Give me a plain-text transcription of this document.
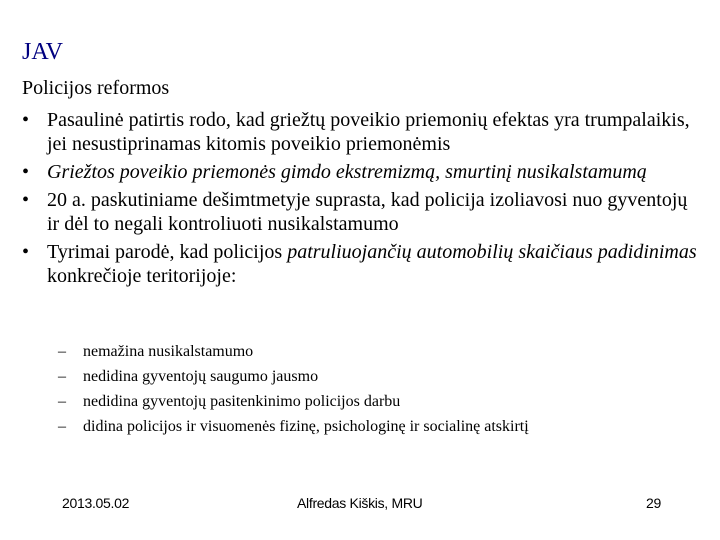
JAV
Policijos reformos
• Pasaulinė patirtis rodo, kad griežtų poveikio priemonių efektas yra trumpalaikis, jei nesustiprinamas kitomis poveikio priemonėmis
• Griežtos poveikio priemonės gimdo ekstremizmą, smurtinį nusikalstamumą
• 20 a. paskutiniame dešimtmetyje suprasta, kad policija izoliavosi nuo gyventojų ir dėl to negali kontroliuoti nusikalstamumo
• Tyrimai parodė, kad policijos patruliuojančių automobilių skaičiaus padidinimas konkrečioje teritorijoje:
– nemažina nusikalstamumo
– nedidina gyventojų saugumo jausmo
– nedidina gyventojų pasitenkinimo policijos darbu
– didina policijos ir visuomenės fizinę, psichologinę ir socialinę atskirtį
2013.05.02	Alfredas Kiškis, MRU	29
